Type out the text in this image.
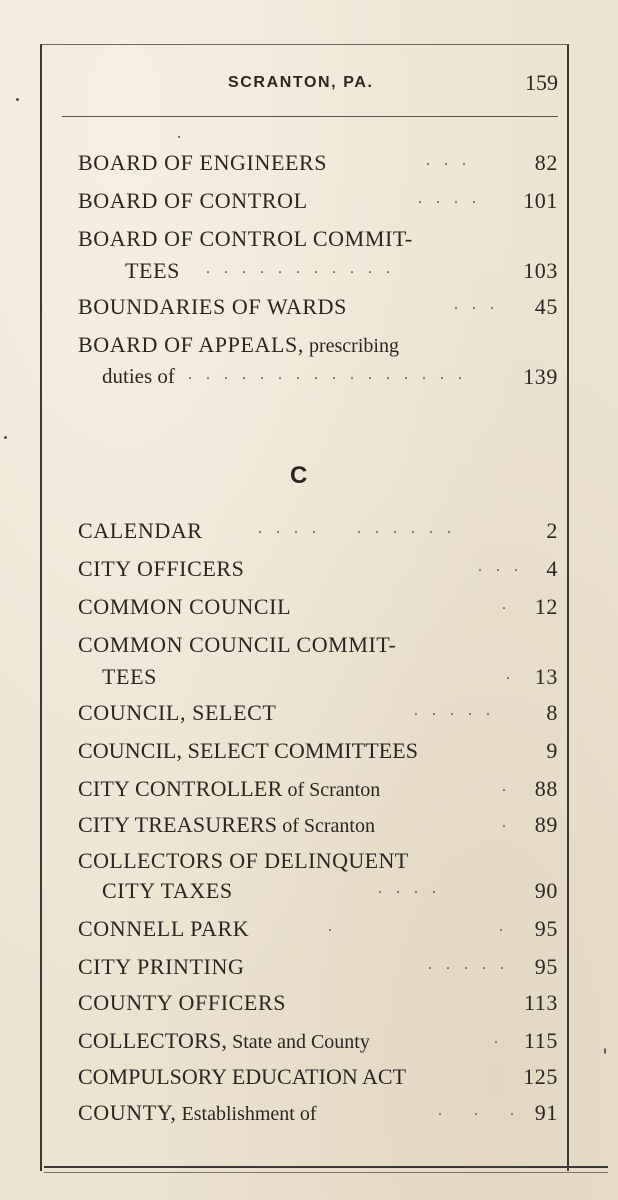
SCRANTON, PA.	159
BOARD OF ENGINEERS	. . .	82
BOARD OF CONTROL	. . . . 101
BOARD OF CONTROL COMMIT-
TEES . . . . . . . . . . .	103
BOUNDARIES OF WARDS	. . . 45
BOARD OF APPEALS, prescribing
duties of . . . . . . . . . . . . . . . .	139
CALENDAR	. . . .    . . . . . .	2
CITY OFFICERS	. . . 4
COMMON COUNCIL	. 12
COMMON COUNCIL COMMIT-
TEES	. 13
COUNCIL, SELECT	. . . . . 8
COUNCIL, SELECT COMMITTEES	9
CITY CONTROLLER of Scranton	. 88
CITY TREASURERS of Scranton	. 89
COLLECTORS OF DELINQUENT
CITY TAXES	. . . .	90
CONNELL PARK	.                  . 95
CITY PRINTING	. . . . . 95
COUNTY OFFICERS	113
COLLECTORS, State and County	. 115
COMPULSORY EDUCATION ACT	125
COUNTY, Establishment of	.   .   . 91
C
